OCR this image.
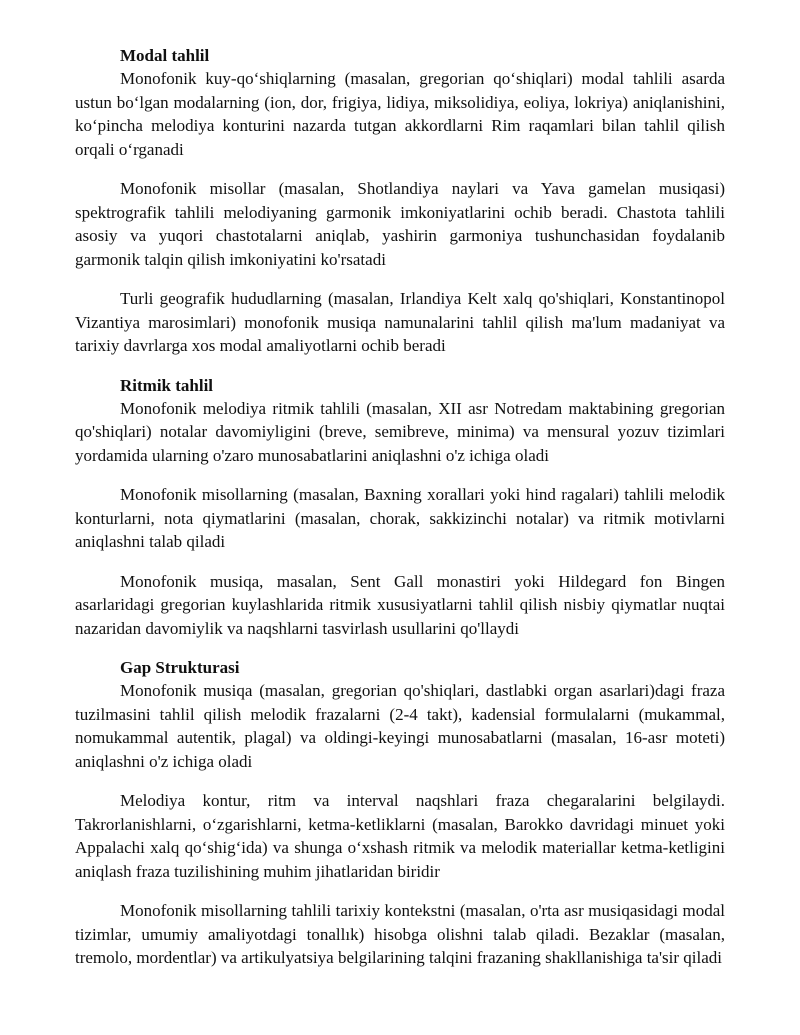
Modal tahlil

Monofonik kuy-qo‘shiqlarning (masalan, gregorian qo‘shiqlari) modal tahlili asarda ustun bo‘lgan modalarning (ion, dor, frigiya, lidiya, miksolidiya, eoliya, lokriya) aniqlanishini, ko‘pincha melodiya konturini nazarda tutgan akkordlarni Rim raqamlari bilan tahlil qilish orqali o‘rganadi

Monofonik misollar (masalan, Shotlandiya naylari va Yava gamelan musiqasi) spektrografik tahlili melodiyaning garmonik imkoniyatlarini ochib beradi. Chastota tahlili asosiy va yuqori chastotalarni aniqlab, yashirin garmoniya tushunchasidan foydalanib garmonik talqin qilish imkoniyatini ko'rsatadi

Turli geografik hududlarning (masalan, Irlandiya Kelt xalq qo'shiqlari, Konstantinopol Vizantiya marosimlari) monofonik musiqa namunalarini tahlil qilish ma'lum madaniyat va tarixiy davrlarga xos modal amaliyotlarni ochib beradi

Ritmik tahlil

Monofonik melodiya ritmik tahlili (masalan, XII asr Notredam maktabining gregorian qo'shiqlari) notalar davomiyligini (breve, semibreve, minima) va mensural yozuv tizimlari yordamida ularning o'zaro munosabatlarini aniqlashni o'z ichiga oladi

Monofonik misollarning (masalan, Baxning xorallari yoki hind ragalari) tahlili melodik konturlarni, nota qiymatlarini (masalan, chorak, sakkizinchi notalar) va ritmik motivlarni aniqlashni talab qiladi

Monofonik musiqa, masalan, Sent Gall monastiri yoki Hildegard fon Bingen asarlaridagi gregorian kuylashlarida ritmik xususiyatlarni tahlil qilish nisbiy qiymatlar nuqtai nazaridan davomiylik va naqshlarni tasvirlash usullarini qo'llaydi

Gap Strukturasi

Monofonik musiqa (masalan, gregorian qo'shiqlari, dastlabki organ asarlari)dagi fraza tuzilmasini tahlil qilish melodik frazalarni (2-4 takt), kadensial formulalarni (mukammal, nomukammal autentik, plagal) va oldingi-keyingi munosabatlarni (masalan, 16-asr moteti) aniqlashni o'z ichiga oladi

Melodiya kontur, ritm va interval naqshlari fraza chegaralarini belgilaydi. Takrorlanishlarni, o‘zgarishlarni, ketma-ketliklarni (masalan, Barokko davridagi minuet yoki Appalachi xalq qo‘shig‘ida) va shunga o‘xshash ritmik va melodik materiallar ketma-ketligini aniqlash fraza tuzilishining muhim jihatlaridan biridir

Monofonik misollarning tahlili tarixiy kontekstni (masalan, o'rta asr musiqasidagi modal tizimlar, umumiy amaliyotdagi tonallık) hisobga olishni talab qiladi. Bezaklar (masalan, tremolo, mordentlar) va artikulyatsiya belgilarining talqini frazaning shakllanishiga ta'sir qiladi
